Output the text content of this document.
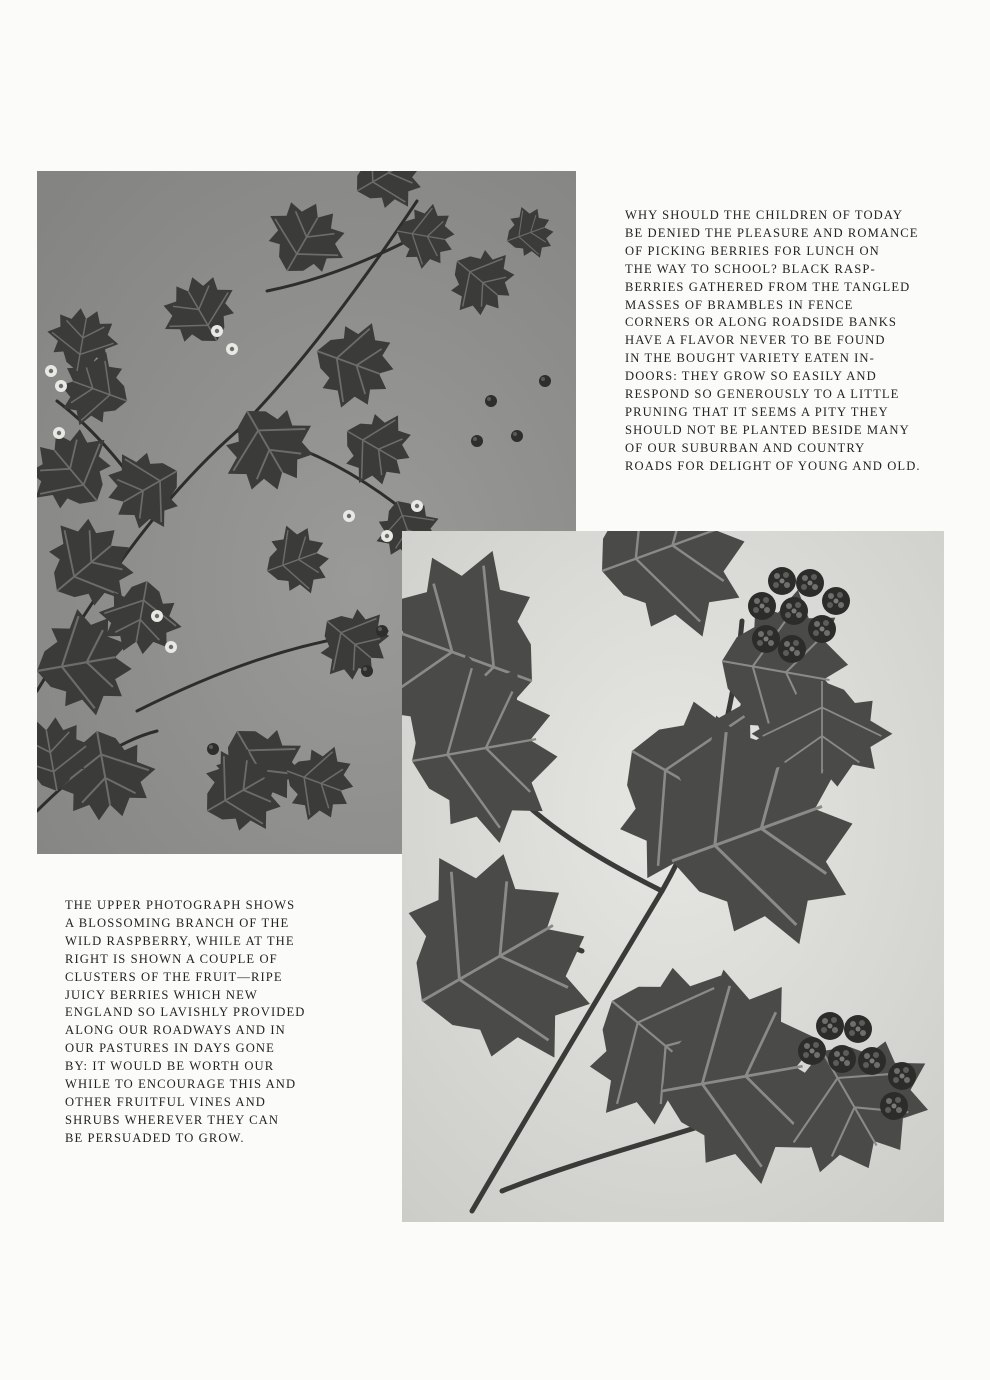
WHY SHOULD THE CHILDREN OF TODAY
BE DENIED THE PLEASURE AND ROMANCE
OF PICKING BERRIES FOR LUNCH ON
THE WAY TO SCHOOL? BLACK RASP-
BERRIES GATHERED FROM THE TANGLED
MASSES OF BRAMBLES IN FENCE
CORNERS OR ALONG ROADSIDE BANKS
HAVE A FLAVOR NEVER TO BE FOUND
IN THE BOUGHT VARIETY EATEN IN-
DOORS: THEY GROW SO EASILY AND
RESPOND SO GENEROUSLY TO A LITTLE
PRUNING THAT IT SEEMS A PITY THEY
SHOULD NOT BE PLANTED BESIDE MANY
OF OUR SUBURBAN AND COUNTRY
ROADS FOR DELIGHT OF YOUNG AND OLD.

THE UPPER PHOTOGRAPH SHOWS
A BLOSSOMING BRANCH OF THE
WILD RASPBERRY, WHILE AT THE
RIGHT IS SHOWN A COUPLE OF
CLUSTERS OF THE FRUIT—RIPE
JUICY BERRIES WHICH NEW
ENGLAND SO LAVISHLY PROVIDED
ALONG OUR ROADWAYS AND IN
OUR PASTURES IN DAYS GONE
BY: IT WOULD BE WORTH OUR
WHILE TO ENCOURAGE THIS AND
OTHER FRUITFUL VINES AND
SHRUBS WHEREVER THEY CAN
BE PERSUADED TO GROW.
